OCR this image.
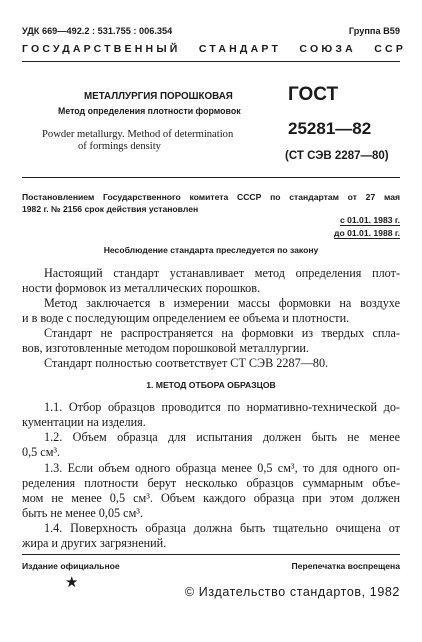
УДК 669—492.2 : 531.755 : 006.354	Группа В59
ГОСУДАРСТВЕННЫЙ   СТАНДАРТ   СОЮЗА   ССР
МЕТАЛЛУРГИЯ ПОРОШКОВАЯ
Метод определения плотности формовок
Powder metallurgy. Method of determination
of formings density
ГОСТ
25281—82
(СТ СЭВ 2287—80)
Постановлением Государственного комитета СССР по стандартам от 27 мая
1982 г. № 2156 срок действия установлен
с 01.01. 1983 г.
до 01.01. 1988 г.
Несоблюдение стандарта преследуется по закону
Настоящий стандарт устанавливает метод определения плот-
ности формовок из металлических порошков.
Метод заключается в измерении массы формовки на воздухе
и в воде с последующим определением ее объема и плотности.
Стандарт не распространяется на формовки из твердых спла-
вов, изготовленные методом порошковой металлургии.
Стандарт полностью соответствует СТ СЭВ 2287—80.
1. МЕТОД ОТБОРА ОБРАЗЦОВ
1.1. Отбор образцов проводится по нормативно-технической до-
кументации на изделия.
1.2. Объем образца для испытания должен быть не менее
0,5 см³.
1.3. Если объем одного образца менее 0,5 см³, то для одного оп-
ределения плотности берут несколько образцов суммарным объе-
мом не менее 0,5 см³. Объем каждого образца при этом должен
быть не менее 0,05 см³.
1.4. Поверхность образца должна быть тщательно очищена от
жира и других загрязнений.
Издание официальное	Перепечатка воспрещена
★
© Издательство стандартов, 1982
